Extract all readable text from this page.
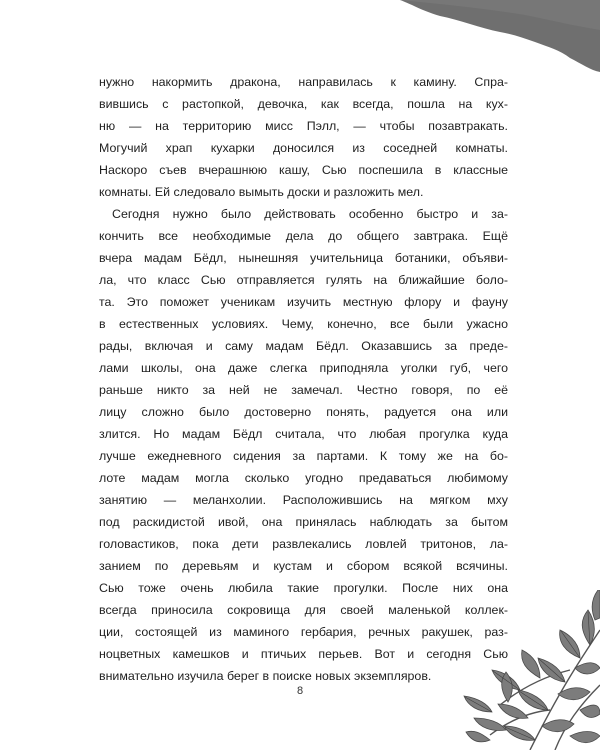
нужно накормить дракона, направилась к камину. Спра-
вившись с растопкой, девочка, как всегда, пошла на кух-
ню — на территорию мисс Пэлл, — чтобы позавтракать.
Могучий храп кухарки доносился из соседней комнаты.
Наскоро съев вчерашнюю кашу, Сью поспешила в классные
комнаты. Ей следовало вымыть доски и разложить мел.
Сегодня нужно было действовать особенно быстро и за-
кончить все необходимые дела до общего завтрака. Ещё
вчера мадам Бёдл, нынешняя учительница ботаники, объяви-
ла, что класс Сью отправляется гулять на ближайшие боло-
та. Это поможет ученикам изучить местную флору и фауну
в естественных условиях. Чему, конечно, все были ужасно
рады, включая и саму мадам Бёдл. Оказавшись за преде-
лами школы, она даже слегка приподняла уголки губ, чего
раньше никто за ней не замечал. Честно говоря, по её
лицу сложно было достоверно понять, радуется она или
злится. Но мадам Бёдл считала, что любая прогулка куда
лучше ежедневного сидения за партами. К тому же на бо-
лоте мадам могла сколько угодно предаваться любимому
занятию — меланхолии. Расположившись на мягком мху
под раскидистой ивой, она принялась наблюдать за бытом
головастиков, пока дети развлекались ловлей тритонов, ла-
занием по деревьям и кустам и сбором всякой всячины.
Сью тоже очень любила такие прогулки. После них она
всегда приносила сокровища для своей маленькой коллек-
ции, состоящей из маминого гербария, речных ракушек, раз-
ноцветных камешков и птичьих перьев. Вот и сегодня Сью
внимательно изучила берег в поиске новых экземпляров.
8
